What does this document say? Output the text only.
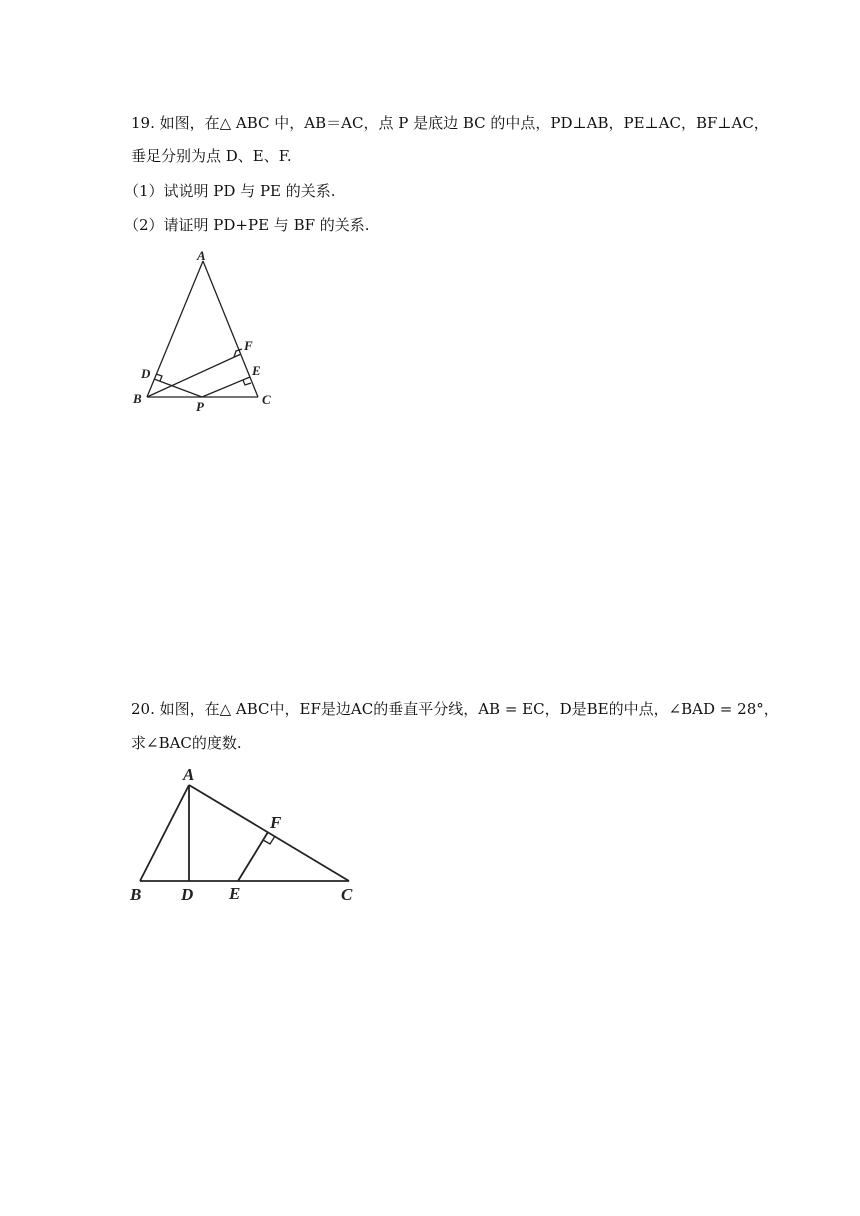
19. 如图，在△ ABC 中，AB＝AC，点 P 是底边 BC 的中点，PD⊥AB，PE⊥AC，BF⊥AC，
垂足分别为点 D、E、F.
（1）试说明 PD 与 PE 的关系.
（2）请证明 PD+PE 与 BF 的关系.
A
F
D	E
B
P	C
20. 如图，在△ ABC中，EF是边AC的垂直平分线，AB = EC，D是BE的中点，∠BAD = 28°，
求∠BAC的度数.
A
F
B D E	C
